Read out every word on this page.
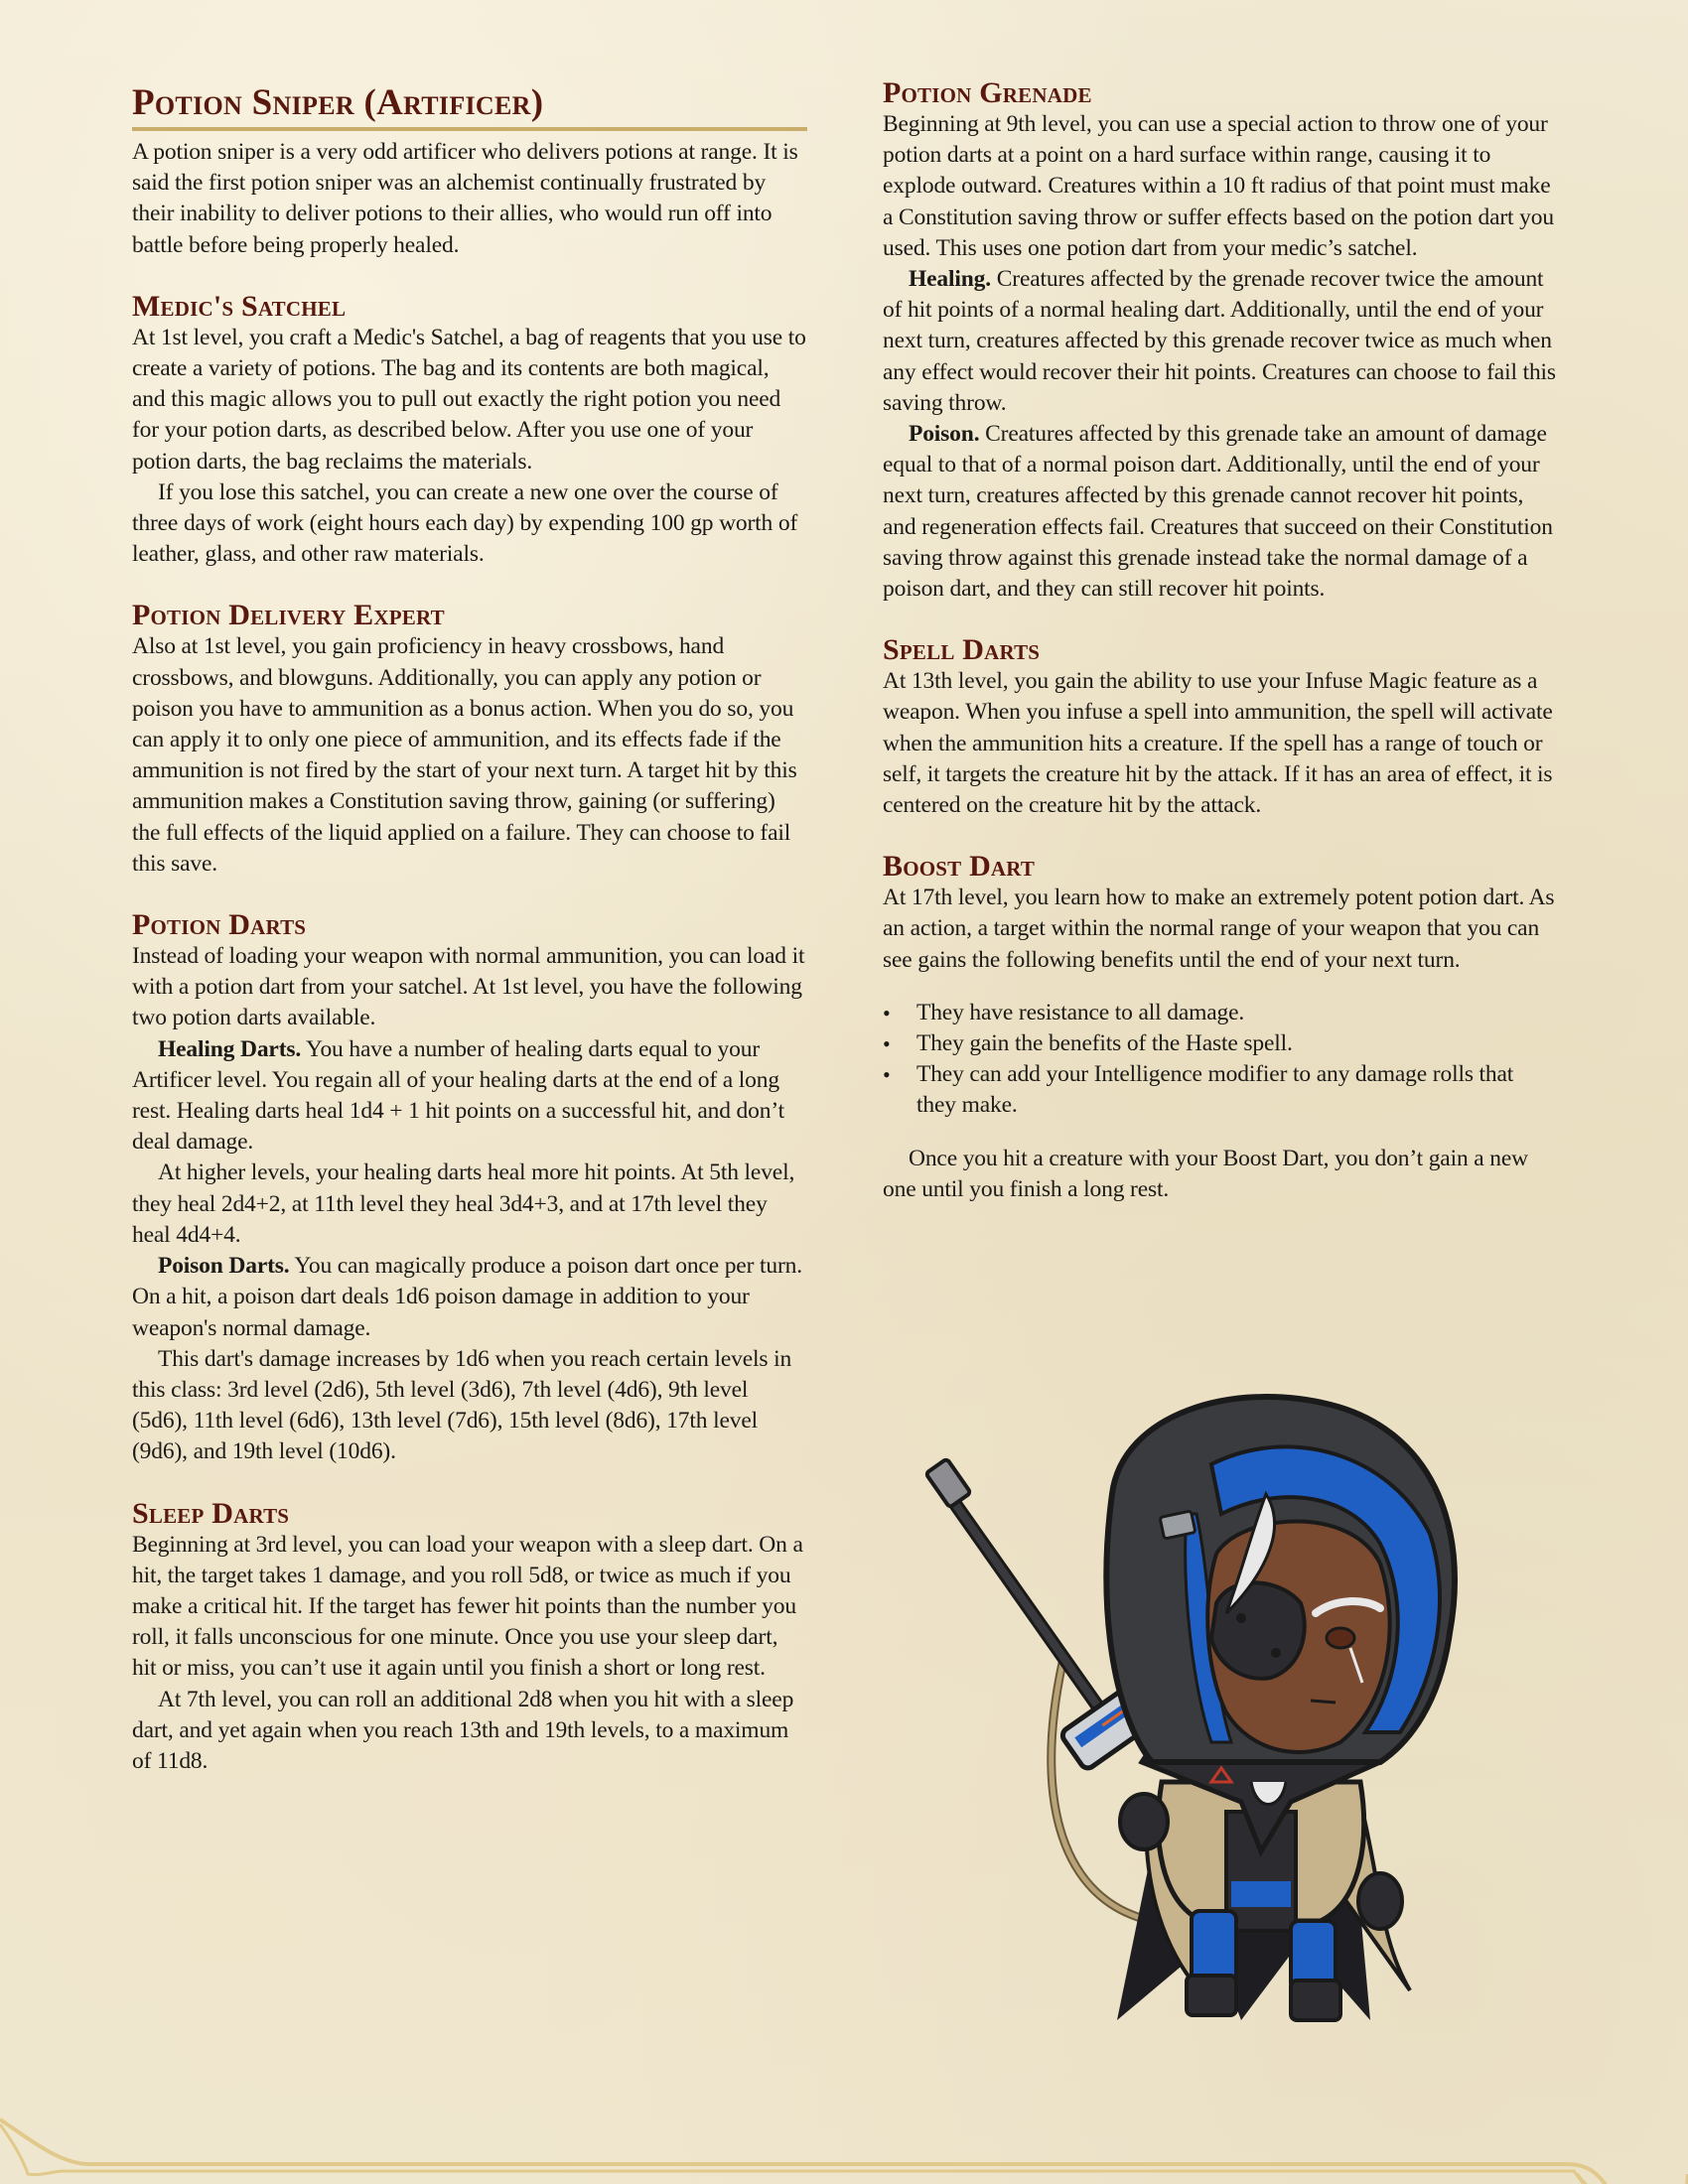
Potion Sniper (Artificer)

A potion sniper is a very odd artificer who delivers potions at range. It is said the first potion sniper was an alchemist continually frustrated by their inability to deliver potions to their allies, who would run off into battle before being properly healed.

Medic's Satchel

At 1st level, you craft a Medic's Satchel, a bag of reagents that you use to create a variety of potions. The bag and its contents are both magical, and this magic allows you to pull out exactly the right potion you need for your potion darts, as described below. After you use one of your potion darts, the bag reclaims the materials.

If you lose this satchel, you can create a new one over the course of three days of work (eight hours each day) by expending 100 gp worth of leather, glass, and other raw materials.

Potion Delivery Expert

Also at 1st level, you gain proficiency in heavy crossbows, hand crossbows, and blowguns. Additionally, you can apply any potion or poison you have to ammunition as a bonus action. When you do so, you can apply it to only one piece of ammunition, and its effects fade if the ammunition is not fired by the start of your next turn. A target hit by this ammunition makes a Constitution saving throw, gaining (or suffering) the full effects of the liquid applied on a failure. They can choose to fail this save.

Potion Darts

Instead of loading your weapon with normal ammunition, you can load it with a potion dart from your satchel. At 1st level, you have the following two potion darts available.

Healing Darts. You have a number of healing darts equal to your Artificer level. You regain all of your healing darts at the end of a long rest. Healing darts heal 1d4 + 1 hit points on a successful hit, and don’t deal damage.

At higher levels, your healing darts heal more hit points. At 5th level, they heal 2d4+2, at 11th level they heal 3d4+3, and at 17th level they heal 4d4+4.

Poison Darts. You can magically produce a poison dart once per turn. On a hit, a poison dart deals 1d6 poison damage in addition to your weapon's normal damage.

This dart's damage increases by 1d6 when you reach certain levels in this class: 3rd level (2d6), 5th level (3d6), 7th level (4d6), 9th level (5d6), 11th level (6d6), 13th level (7d6), 15th level (8d6), 17th level (9d6), and 19th level (10d6).

Sleep Darts

Beginning at 3rd level, you can load your weapon with a sleep dart. On a hit, the target takes 1 damage, and you roll 5d8, or twice as much if you make a critical hit. If the target has fewer hit points than the number you roll, it falls unconscious for one minute. Once you use your sleep dart, hit or miss, you can’t use it again until you finish a short or long rest.

At 7th level, you can roll an additional 2d8 when you hit with a sleep dart, and yet again when you reach 13th and 19th levels, to a maximum of 11d8.

Potion Grenade

Beginning at 9th level, you can use a special action to throw one of your potion darts at a point on a hard surface within range, causing it to explode outward. Creatures within a 10 ft radius of that point must make a Constitution saving throw or suffer effects based on the potion dart you used. This uses one potion dart from your medic’s satchel.

Healing. Creatures affected by the grenade recover twice the amount of hit points of a normal healing dart. Additionally, until the end of your next turn, creatures affected by this grenade recover twice as much when any effect would recover their hit points. Creatures can choose to fail this saving throw.

Poison. Creatures affected by this grenade take an amount of damage equal to that of a normal poison dart. Additionally, until the end of your next turn, creatures affected by this grenade cannot recover hit points, and regeneration effects fail. Creatures that succeed on their Constitution saving throw against this grenade instead take the normal damage of a poison dart, and they can still recover hit points.

Spell Darts

At 13th level, you gain the ability to use your Infuse Magic feature as a weapon. When you infuse a spell into ammunition, the spell will activate when the ammunition hits a creature. If the spell has a range of touch or self, it targets the creature hit by the attack. If it has an area of effect, it is centered on the creature hit by the attack.

Boost Dart

At 17th level, you learn how to make an extremely potent potion dart. As an action, a target within the normal range of your weapon that you can see gains the following benefits until the end of your next turn.

• They have resistance to all damage.
• They gain the benefits of the Haste spell.
• They can add your Intelligence modifier to any damage rolls that they make.

Once you hit a creature with your Boost Dart, you don’t gain a new one until you finish a long rest.
